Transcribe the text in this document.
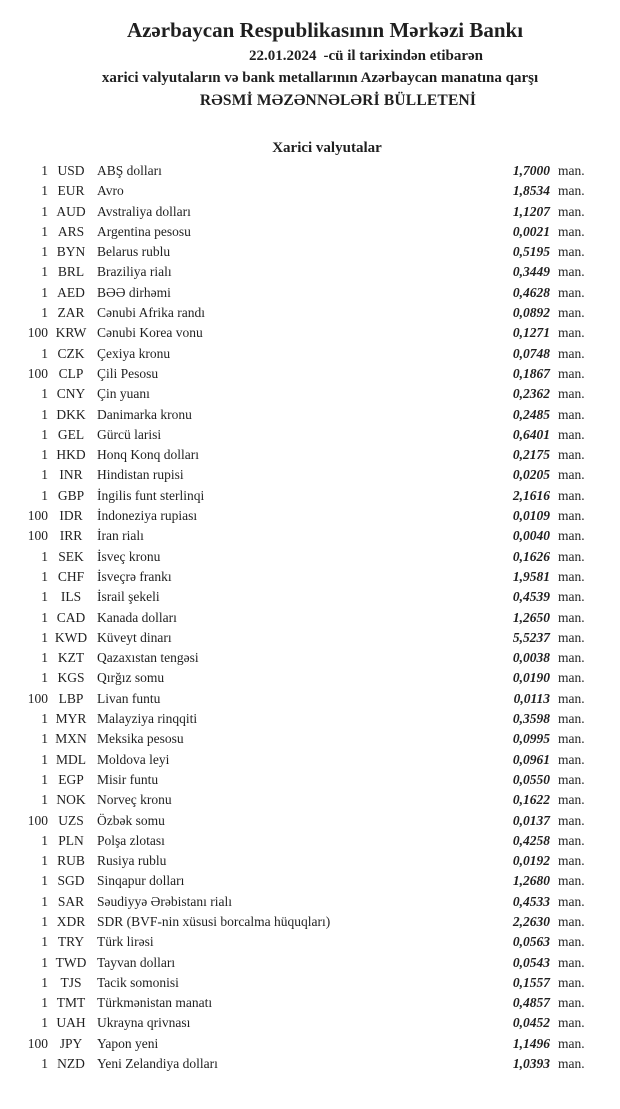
Azərbaycan Respublikasının Mərkəzi Bankı
22.01.2024 -cü il tarixindən etibarən
xarici valyutaların və bank metallarının Azərbaycan manatına qarşı
RƏSMİ MƏZƏNNƏLƏRİ BÜLLETENİ
Xarici valyutalar
1 USD ABŞ dolları	1,7000 man.
1 EUR Avro	1,8534 man.
1 AUD Avstraliya dolları	1,1207 man.
1 ARS Argentina pesosu	0,0021 man.
1 BYN Belarus rublu	0,5195 man.
1 BRL Braziliya rialı	0,3449 man.
1 AED BƏƏ dirhəmi	0,4628 man.
1 ZAR Cənubi Afrika randı	0,0892 man.
100 KRW Cənubi Korea vonu	0,1271 man.
1 CZK Çexiya kronu	0,0748 man.
100 CLP	Çili Pesosu	0,1867 man.
1 CNY Çin yuanı	0,2362 man.
1 DKK Danimarka kronu	0,2485 man.
1 GEL Gürcü larisi	0,6401 man.
1 HKD Honq Konq dolları	0,2175 man.
1 INR	Hindistan rupisi	0,0205 man.
1 GBP İngilis funt sterlinqi	2,1616 man.
100 IDR	İndoneziya rupiası	0,0109 man.
100 IRR	İran rialı	0,0040 man.
1 SEK İsveç kronu	0,1626 man.
1 CHF İsveçrə frankı	1,9581 man.
1 ILS	İsrail şekeli	0,4539 man.
1 CAD Kanada dolları	1,2650 man.
1 KWD Küveyt dinarı	5,5237 man.
1 KZT Qazaxıstan tengəsi	0,0038 man.
1 KGS Qırğız somu	0,0190 man.
100 LBP	Livan funtu	0,0113 man.
1 MYR Malayziya rinqqiti	0,3598 man.
1 MXN Meksika pesosu	0,0995 man.
1 MDL Moldova leyi	0,0961 man.
1 EGP Misir funtu	0,0550 man.
1 NOK Norveç kronu	0,1622 man.
100 UZS Özbək somu	0,0137 man.
1 PLN Polşa zlotası	0,4258 man.
1 RUB Rusiya rublu	0,0192 man.
1 SGD Sinqapur dolları	1,2680 man.
1 SAR Səudiyyə Ərəbistanı rialı	0,4533 man.
1 XDR SDR (BVF-nin xüsusi borcalma hüquqları)	2,2630 man.
1 TRY Türk lirəsi	0,0563 man.
1 TWD Tayvan dolları	0,0543 man.
1 TJS	Tacik somonisi	0,1557 man.
1 TMT Türkmənistan manatı	0,4857 man.
1 UAH Ukrayna qrivnası	0,0452 man.
100 JPY	Yapon yeni	1,1496 man.
1 NZD Yeni Zelandiya dolları	1,0393 man.
